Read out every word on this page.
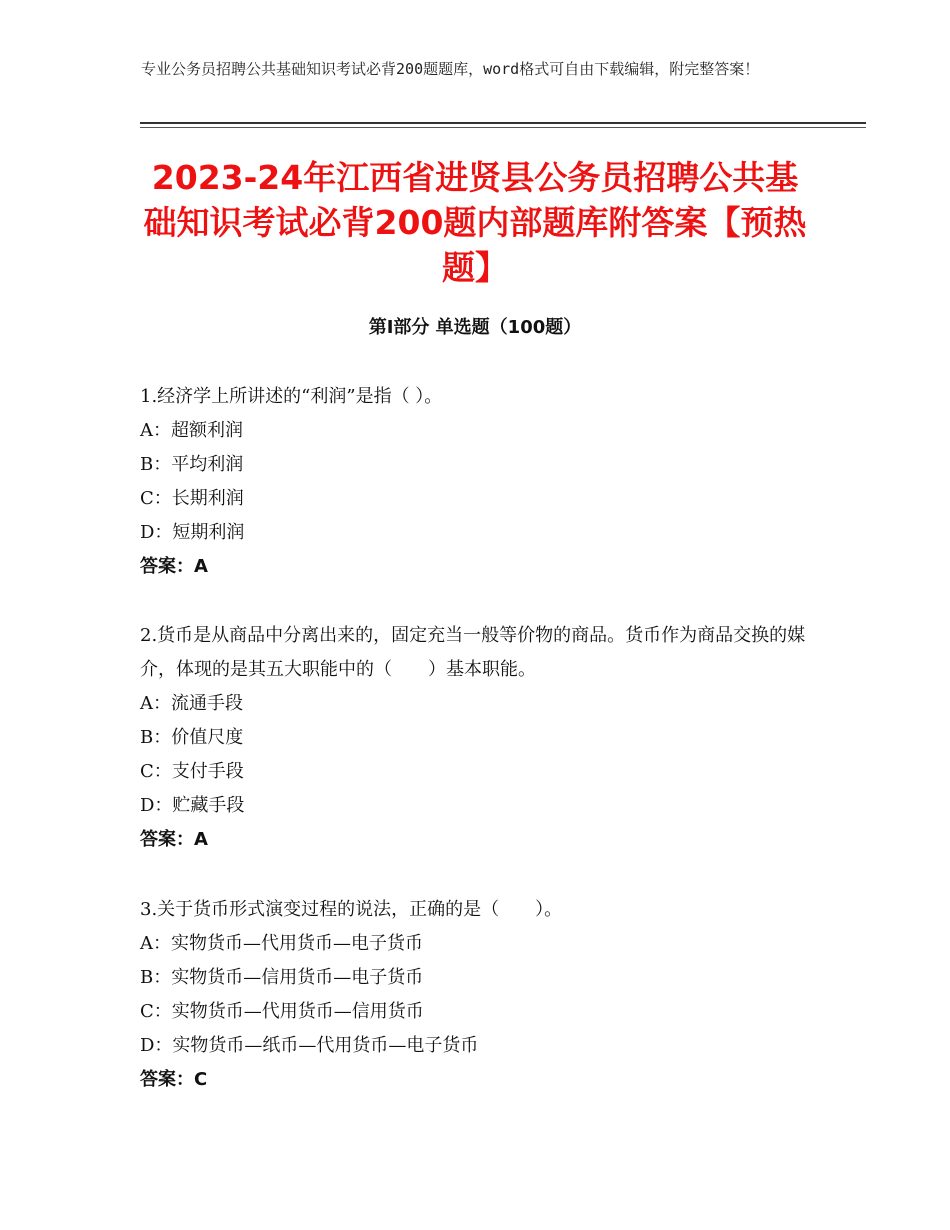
专业公务员招聘公共基础知识考试必背200题题库，word格式可自由下载编辑，附完整答案！
2023-24年江西省进贤县公务员招聘公共基础知识考试必背200题内部题库附答案【预热题】
第Ⅰ部分 单选题（100题）

1.经济学上所讲述的“利润”是指（ ）。

A：超额利润

B：平均利润

C：长期利润

D：短期利润

答案：A

2.货币是从商品中分离出来的，固定充当一般等价物的商品。货币作为商品交换的媒介，体现的是其五大职能中的（　　）基本职能。

A：流通手段

B：价值尺度

C：支付手段

D：贮藏手段

答案：A

3.关于货币形式演变过程的说法，正确的是（　　）。

A：实物货币—代用货币—电子货币

B：实物货币—信用货币—电子货币

C：实物货币—代用货币—信用货币

D：实物货币—纸币—代用货币—电子货币

答案：C
